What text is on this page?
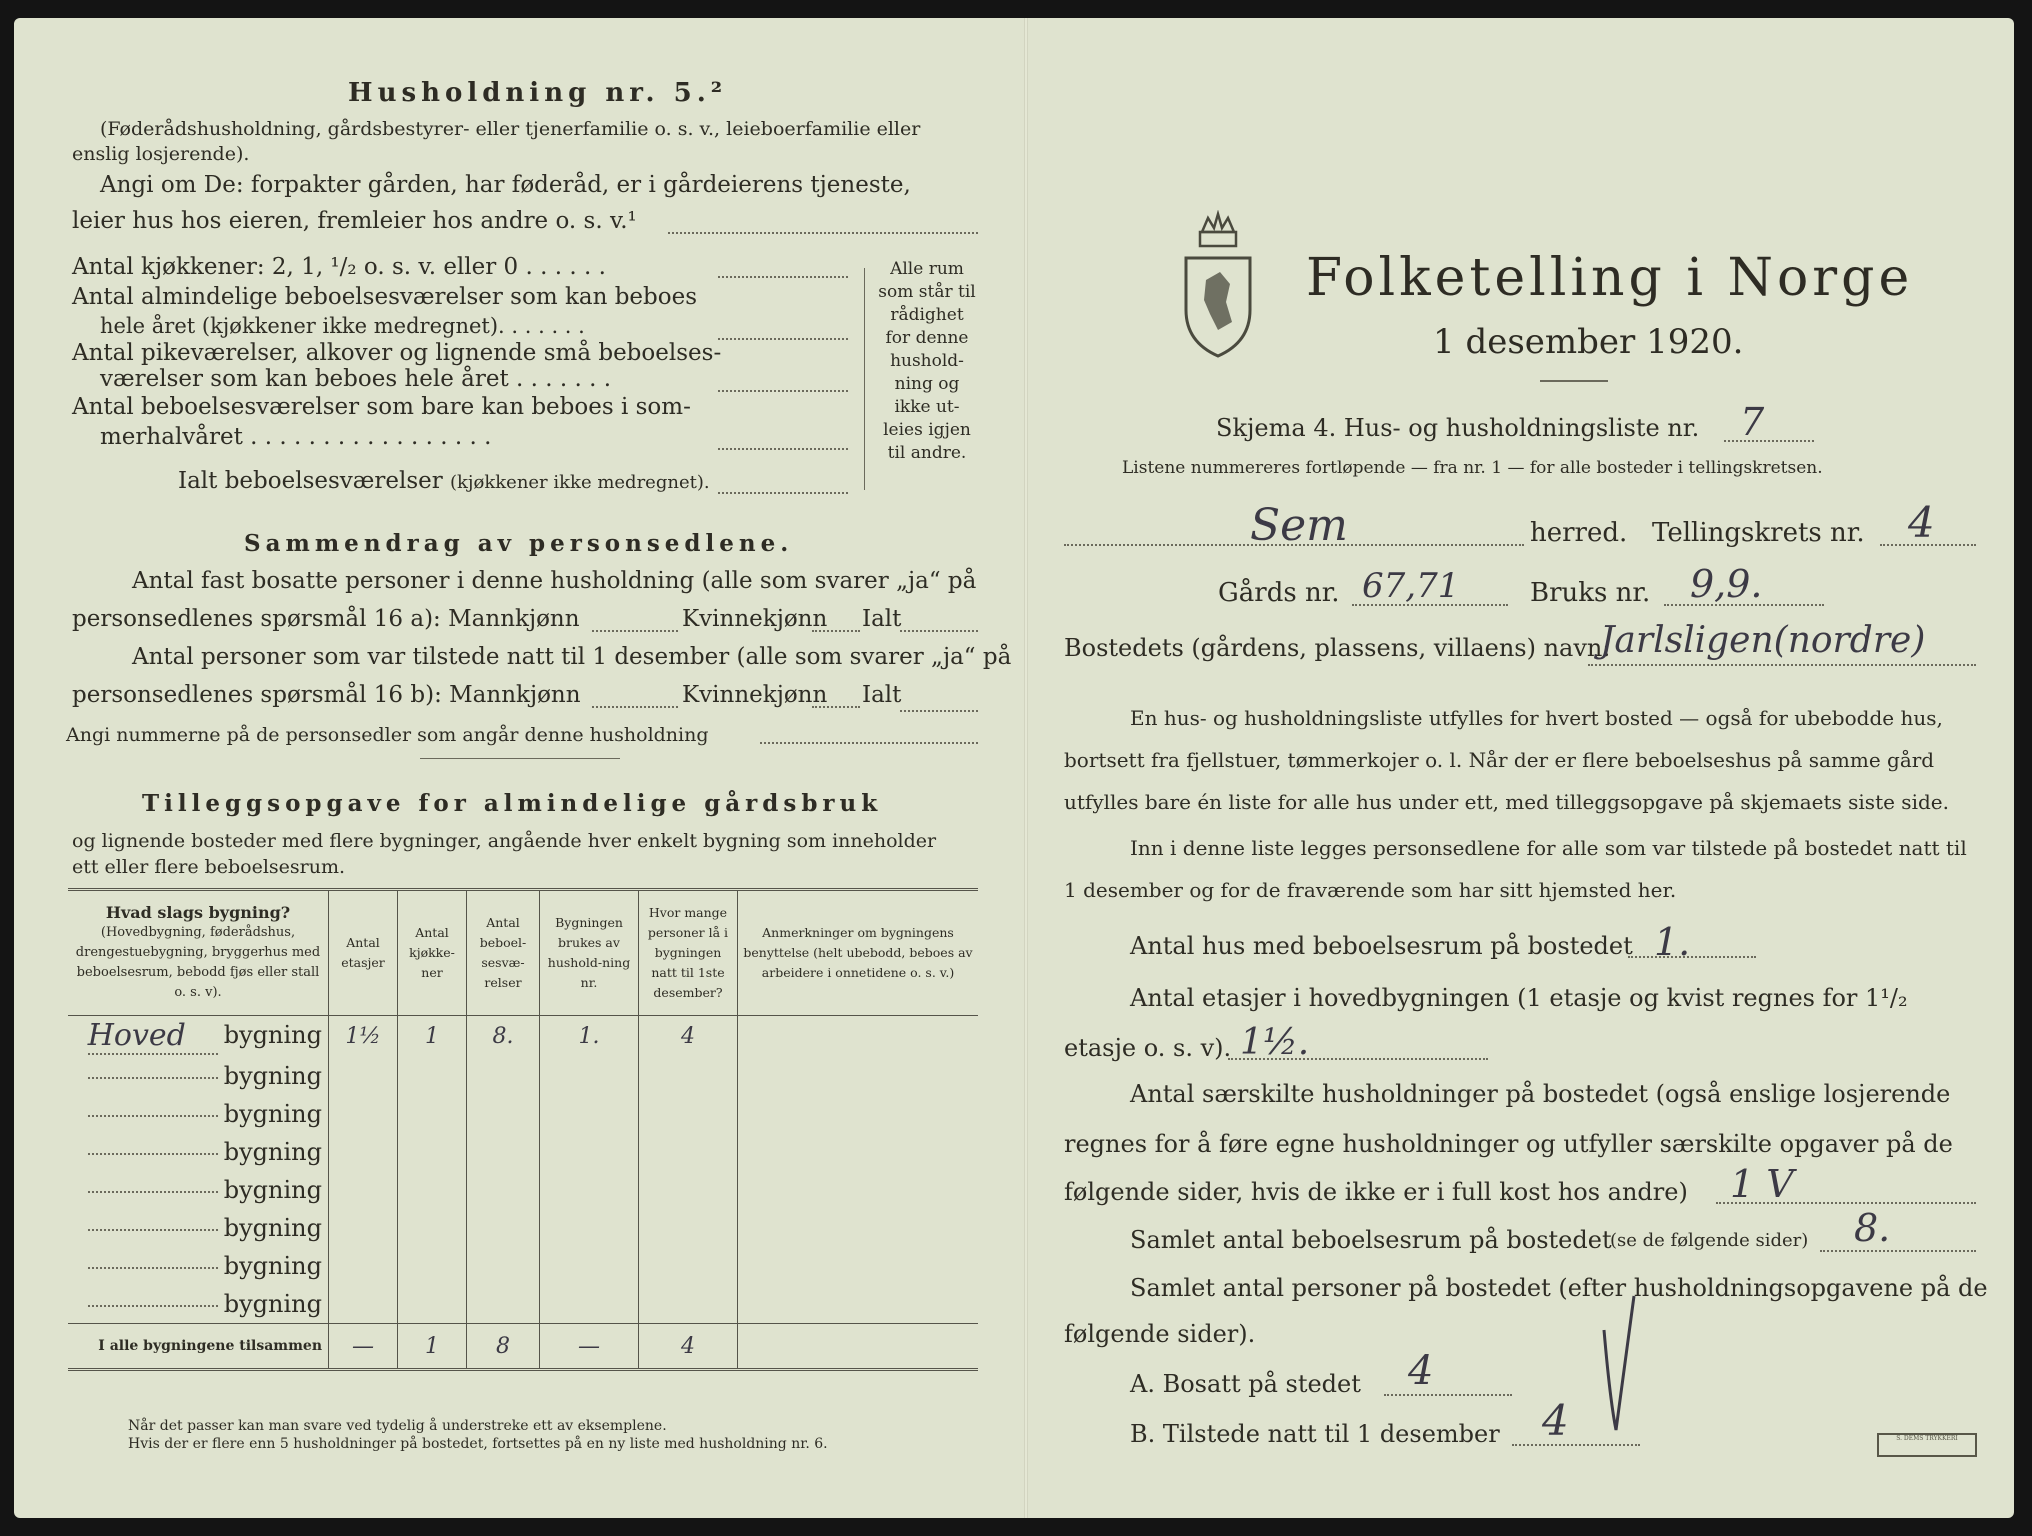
Husholdning nr. 5.²
(Føderådshusholdning, gårdsbestyrer- eller tjenerfamilie o. s. v., leieboerfamilie eller
enslig losjerende).
Angi om De: forpakter gården, har føderåd, er i gårdeierens tjeneste,
leier hus hos eieren, fremleier hos andre o. s. v.¹
Antal kjøkkener: 2, 1, ¹/₂ o. s. v. eller 0 . . . . . .
Antal almindelige beboelsesværelser som kan beboes
hele året (kjøkkener ikke medregnet). . . . . . .
Antal pikeværelser, alkover og lignende små beboelses-
værelser som kan beboes hele året . . . . . . .
Antal beboelsesværelser som bare kan beboes i som-
merhalvåret . . . . . . . . . . . . . . . . .
Ialt beboelsesværelser (kjøkkener ikke medregnet).
Alle rum
som står til
rådighet
for denne
hushold-
ning og
ikke ut-
leies igjen
til andre.
Sammendrag av personsedlene.
Antal fast bosatte personer i denne husholdning (alle som svarer „ja“ på
personsedlenes spørsmål 16 a): Mannkjønn	Kvinnekjønn Ialt
Antal personer som var tilstede natt til 1 desember (alle som svarer „ja“ på
personsedlenes spørsmål 16 b): Mannkjønn	Kvinnekjønn Ialt
Angi nummerne på de personsedler som angår denne husholdning
Tilleggsopgave for almindelige gårdsbruk
og lignende bosteder med flere bygninger, angående hver enkelt bygning som inneholder
ett eller flere beboelsesrum.
Hvad slags bygning?
(Hovedbygning, føderådshus, drengestuebygning, bryggerhus med beboelsesrum, bebodd fjøs eller stall o. s. v).	Antal etasjer	Antal kjøkke-ner	Antal beboel-sesvæ-relser	Bygningen brukes av hushold-ning nr.	Hvor mange personer lå i bygningen natt til 1ste desember?	Anmerkninger om bygningens benyttelse (helt ubebodd, beboes av arbeidere i onnetidene o. s. v.)
Hoved bygning	1½	1	8.	1.	4	
bygning						
bygning						
bygning						
bygning						
bygning						
bygning						
bygning						
I alle bygningene tilsammen	—	1	8	—	4	
Når det passer kan man svare ved tydelig å understreke ett av eksemplene.
Hvis der er flere enn 5 husholdninger på bostedet, fortsettes på en ny liste med husholdning nr. 6.
Folketelling i Norge
1 desember 1920.
Skjema 4. Hus- og husholdningsliste nr. 7
Listene nummereres fortløpende — fra nr. 1 — for alle bosteder i tellingskretsen.
Sem	herred. Tellingskrets nr. 4
Gårds nr. 67,71	Bruks nr. 9,9.
Bostedets (gårdens, plassens, villaens) navn:
Jarlsligen(nordre)
En hus- og husholdningsliste utfylles for hvert bosted — også for ubebodde hus,
bortsett fra fjellstuer, tømmerkojer o. l. Når der er flere beboelseshus på samme gård
utfylles bare én liste for alle hus under ett, med tilleggsopgave på skjemaets siste side.
Inn i denne liste legges personsedlene for alle som var tilstede på bostedet natt til
1 desember og for de fraværende som har sitt hjemsted her.
Antal hus med beboelsesrum på bostedet 1.
Antal etasjer i hovedbygningen (1 etasje og kvist regnes for 1¹/₂
etasje o. s. v). 1½.
Antal særskilte husholdninger på bostedet (også enslige losjerende
regnes for å føre egne husholdninger og utfyller særskilte opgaver på de
følgende sider, hvis de ikke er i full kost hos andre) 1 V
Samlet antal beboelsesrum på bostedet
(se de følgende sider) 8.
Samlet antal personer på bostedet (efter husholdningsopgavene på de
følgende sider).
A. Bosatt på stedet 4
B. Tilstede natt til 1 desember 4	S. DEMS TRYKKERI
